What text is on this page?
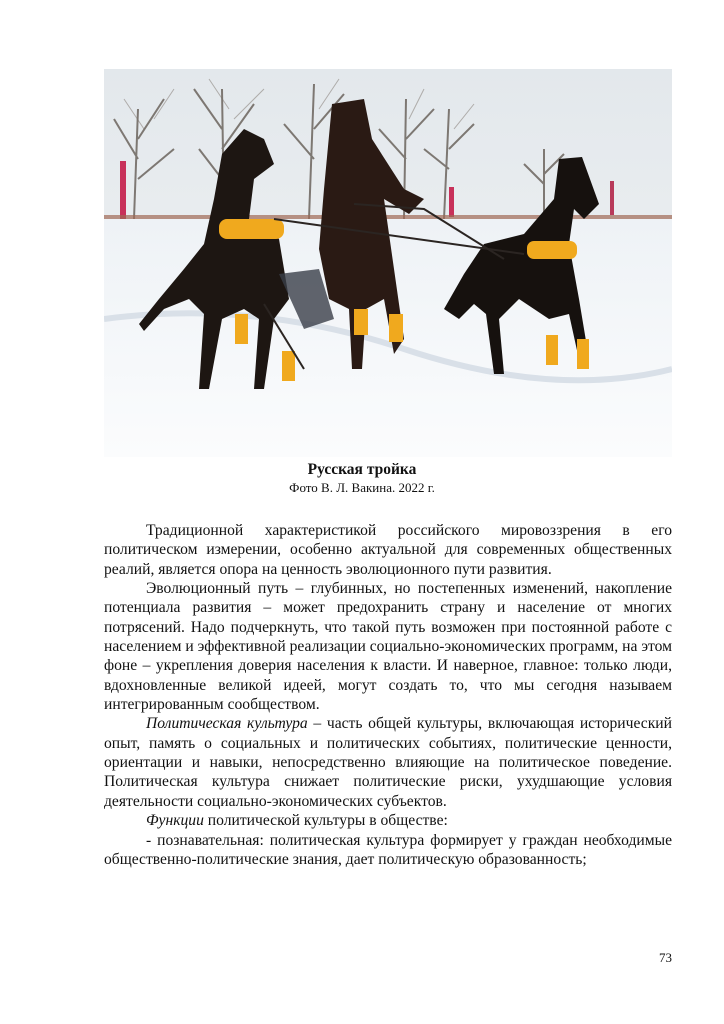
Русская тройка
Фото В. Л. Вакина. 2022 г.

Традиционной характеристикой российского мировоззрения в его политическом измерении, особенно актуальной для современных общественных реалий, является опора на ценность эволюционного пути развития.

Эволюционный путь – глубинных, но постепенных изменений, накопление потенциала развития – может предохранить страну и население от многих потрясений. Надо подчеркнуть, что такой путь возможен при постоянной работе с населением и эффективной реализации социально-экономических программ, на этом фоне – укрепления доверия населения к власти. И наверное, главное: только люди, вдохновленные великой идеей, могут создать то, что мы сегодня называем интегрированным сообществом.

Политическая культура – часть общей культуры, включающая исторический опыт, память о социальных и политических событиях, политические ценности, ориентации и навыки, непосредственно влияющие на политическое поведение. Политическая культура снижает политические риски, ухудшающие условия деятельности социально-экономических субъектов.

Функции политической культуры в обществе:

- познавательная: политическая культура формирует у граждан необходимые общественно-политические знания, дает политическую образованность;

73
